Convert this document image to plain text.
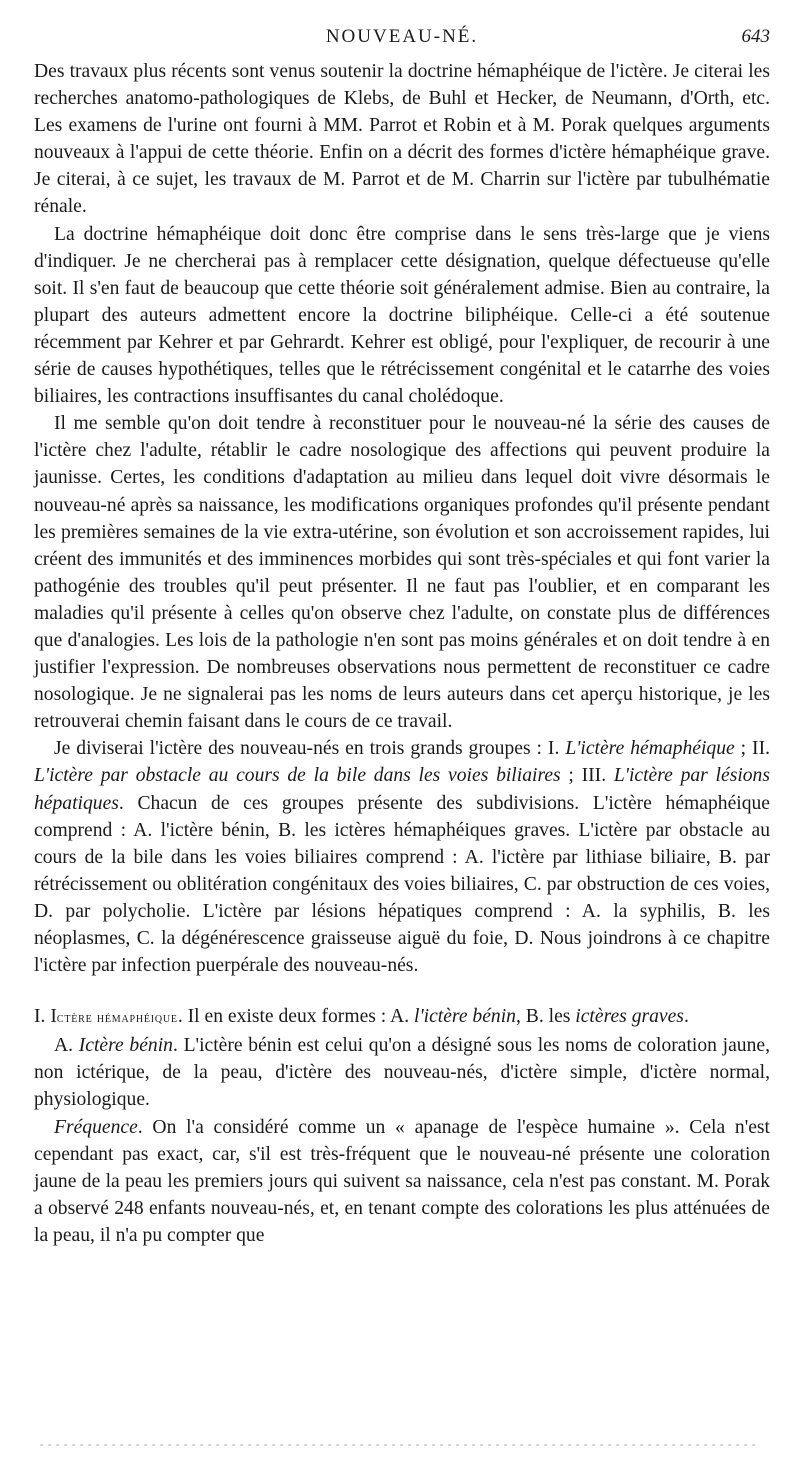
NOUVEAU-NÉ.	643

Des travaux plus récents sont venus soutenir la doctrine hémaphéique de l'ictère. Je citerai les recherches anatomo-pathologiques de Klebs, de Buhl et Hecker, de Neumann, d'Orth, etc. Les examens de l'urine ont fourni à MM. Parrot et Robin et à M. Porak quelques arguments nouveaux à l'appui de cette théorie. Enfin on a décrit des formes d'ictère hémaphéique grave. Je citerai, à ce sujet, les travaux de M. Parrot et de M. Charrin sur l'ictère par tubulhématie rénale.

La doctrine hémaphéique doit donc être comprise dans le sens très-large que je viens d'indiquer. Je ne chercherai pas à remplacer cette désignation, quelque défectueuse qu'elle soit. Il s'en faut de beaucoup que cette théorie soit généralement admise. Bien au contraire, la plupart des auteurs admettent encore la doctrine biliphéique. Celle-ci a été soutenue récemment par Kehrer et par Gehrardt. Kehrer est obligé, pour l'expliquer, de recourir à une série de causes hypothétiques, telles que le rétrécissement congénital et le catarrhe des voies biliaires, les contractions insuffisantes du canal cholédoque.

Il me semble qu'on doit tendre à reconstituer pour le nouveau-né la série des causes de l'ictère chez l'adulte, rétablir le cadre nosologique des affections qui peuvent produire la jaunisse. Certes, les conditions d'adaptation au milieu dans lequel doit vivre désormais le nouveau-né après sa naissance, les modifications organiques profondes qu'il présente pendant les premières semaines de la vie extra-utérine, son évolution et son accroissement rapides, lui créent des immunités et des imminences morbides qui sont très-spéciales et qui font varier la pathogénie des troubles qu'il peut présenter. Il ne faut pas l'oublier, et en comparant les maladies qu'il présente à celles qu'on observe chez l'adulte, on constate plus de différences que d'analogies. Les lois de la pathologie n'en sont pas moins générales et on doit tendre à en justifier l'expression. De nombreuses observations nous permettent de reconstituer ce cadre nosologique. Je ne signalerai pas les noms de leurs auteurs dans cet aperçu historique, je les retrouverai chemin faisant dans le cours de ce travail.

Je diviserai l'ictère des nouveau-nés en trois grands groupes : I. L'ictère hémaphéique ; II. L'ictère par obstacle au cours de la bile dans les voies biliaires ; III. L'ictère par lésions hépatiques. Chacun de ces groupes présente des subdivisions. L'ictère hémaphéique comprend : A. l'ictère bénin, B. les ictères hémaphéiques graves. L'ictère par obstacle au cours de la bile dans les voies biliaires comprend : A. l'ictère par lithiase biliaire, B. par rétrécissement ou oblitération congénitaux des voies biliaires, C. par obstruction de ces voies, D. par polycholie. L'ictère par lésions hépatiques comprend : A. la syphilis, B. les néoplasmes, C. la dégénérescence graisseuse aiguë du foie, D. Nous joindrons à ce chapitre l'ictère par infection puerpérale des nouveau-nés.

I. Ictère hémaphéique. Il en existe deux formes : A. l'ictère bénin, B. les ictères graves.

A. Ictère bénin. L'ictère bénin est celui qu'on a désigné sous les noms de coloration jaune, non ictérique, de la peau, d'ictère des nouveau-nés, d'ictère simple, d'ictère normal, physiologique.

Fréquence. On l'a considéré comme un « apanage de l'espèce humaine ». Cela n'est cependant pas exact, car, s'il est très-fréquent que le nouveau-né présente une coloration jaune de la peau les premiers jours qui suivent sa naissance, cela n'est pas constant. M. Porak a observé 248 enfants nouveau-nés, et, en tenant compte des colorations les plus atténuées de la peau, il n'a pu compter que
